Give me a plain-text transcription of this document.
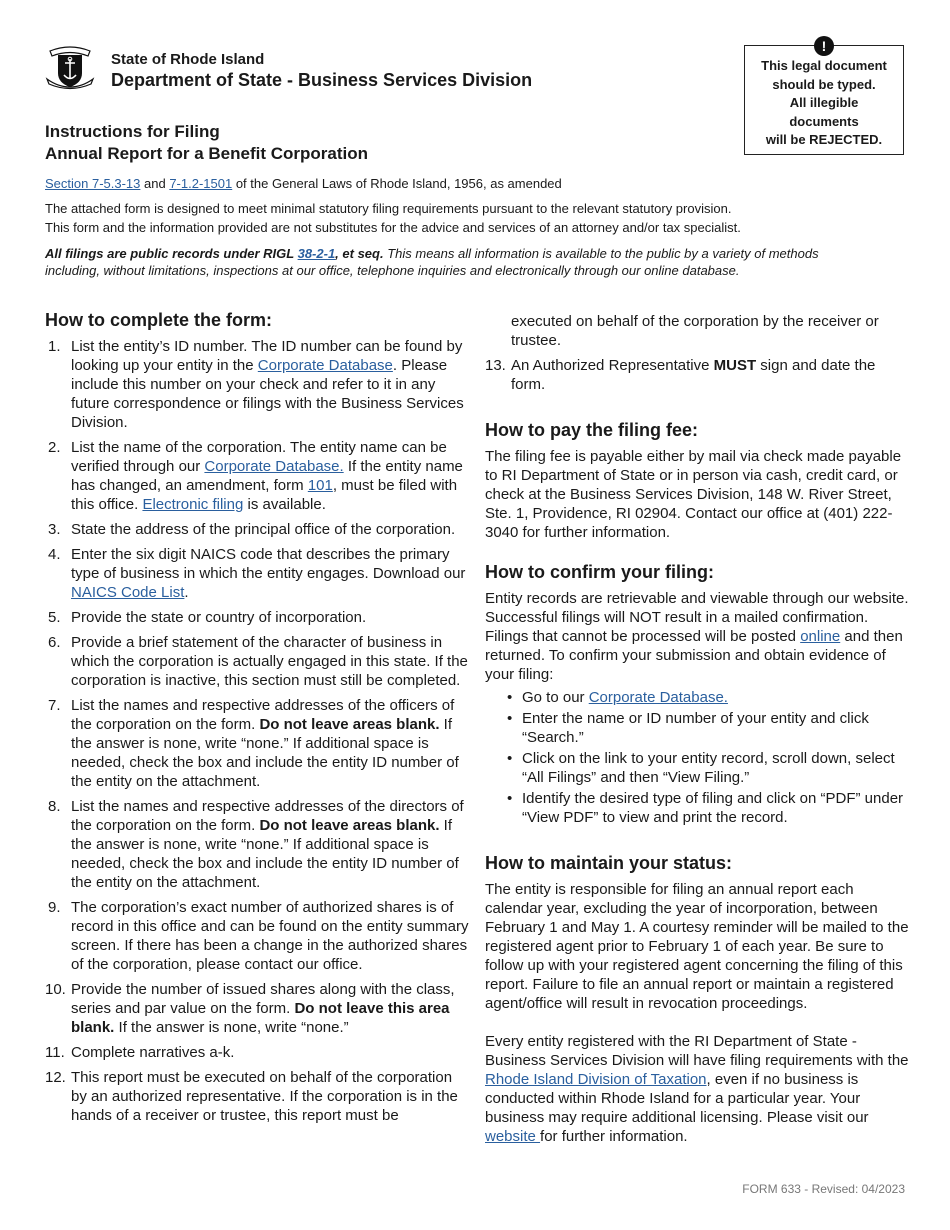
State of Rhode Island
Department of State - Business Services Division
!
This legal document
should be typed.
All illegible
documents
will be REJECTED.
Instructions for Filing
Annual Report for a Benefit Corporation
Section 7-5.3-13 and 7-1.2-1501 of the General Laws of Rhode Island, 1956, as amended
The attached form is designed to meet minimal statutory filing requirements pursuant to the relevant statutory provision.
This form and the information provided are not substitutes for the advice and services of an attorney and/or tax specialist.
All filings are public records under RIGL 38-2-1, et seq. This means all information is available to the public by a variety of methods including, without limitations, inspections at our office, telephone inquiries and electronically through our online database.
How to complete the form:
1. List the entity’s ID number. The ID number can be found by looking up your entity in the Corporate Database. Please include this number on your check and refer to it in any future correspondence or filings with the Business Services Division.
2. List the name of the corporation. The entity name can be verified through our Corporate Database. If the entity name has changed, an amendment, form 101, must be filed with this office. Electronic filing is available.
3. State the address of the principal office of the corporation.
4. Enter the six digit NAICS code that describes the primary type of business in which the entity engages. Download our NAICS Code List.
5. Provide the state or country of incorporation.
6. Provide a brief statement of the character of business in which the corporation is actually engaged in this state. If the corporation is inactive, this section must still be completed.
7. List the names and respective addresses of the officers of the corporation on the form. Do not leave areas blank. If the answer is none, write “none.” If additional space is needed, check the box and include the entity ID number of the entity on the attachment.
8. List the names and respective addresses of the directors of the corporation on the form. Do not leave areas blank. If the answer is none, write “none.” If additional space is needed, check the box and include the entity ID number of the entity on the attachment.
9. The corporation’s exact number of authorized shares is of record in this office and can be found on the entity summary screen. If there has been a change in the authorized shares of the corporation, please contact our office.
10. Provide the number of issued shares along with the class, series and par value on the form. Do not leave this area blank. If the answer is none, write “none.”
11. Complete narratives a-k.
12. This report must be executed on behalf of the corporation by an authorized representative. If the corporation is in the hands of a receiver or trustee, this report must be
executed on behalf of the corporation by the receiver or trustee.
13. An Authorized Representative MUST sign and date the form.
How to pay the filing fee:

The filing fee is payable either by mail via check made payable to RI Department of State or in person via cash, credit card, or check at the Business Services Division, 148 W. River Street, Ste. 1, Providence, RI 02904. Contact our office at (401) 222-3040 for further information.

How to confirm your filing:

Entity records are retrievable and viewable through our website. Successful filings will NOT result in a mailed confirmation. Filings that cannot be processed will be posted online and then returned. To confirm your submission and obtain evidence of your filing:

• Go to our Corporate Database.
• Enter the name or ID number of your entity and click “Search.”
• Click on the link to your entity record, scroll down, select “All Filings” and then “View Filing.”
• Identify the desired type of filing and click on “PDF” under “View PDF” to view and print the record.
How to maintain your status:

The entity is responsible for filing an annual report each calendar year, excluding the year of incorporation, between February 1 and May 1. A courtesy reminder will be mailed to the registered agent prior to February 1 of each year. Be sure to follow up with your registered agent concerning the filing of this report. Failure to file an annual report or maintain a registered agent/office will result in revocation proceedings.

Every entity registered with the RI Department of State - Business Services Division will have filing requirements with the Rhode Island Division of Taxation, even if no business is conducted within Rhode Island for a particular year. Your business may require additional licensing. Please visit our website for further information.

FORM 633 - Revised: 04/2023
